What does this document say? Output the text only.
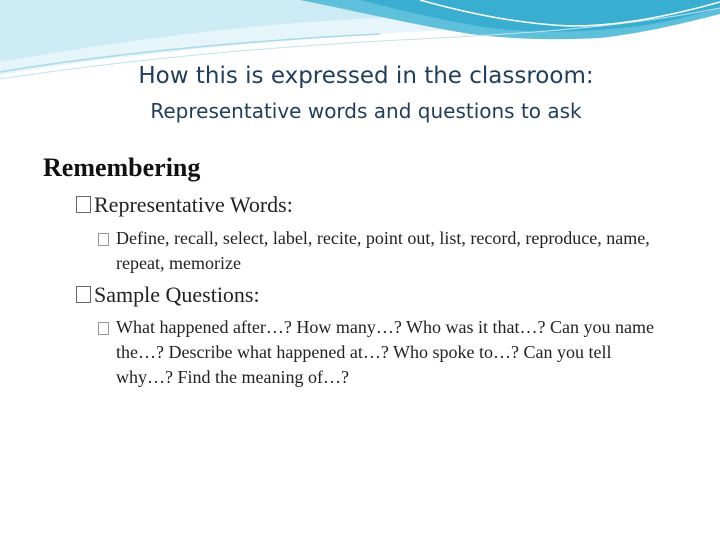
How this is expressed in the classroom:
Representative words and questions to ask
Remembering
Representative Words:
Define, recall, select, label, recite, point out, list, record, reproduce, name, repeat, memorize
Sample Questions:
What happened after…? How many…? Who was it that…? Can you name the…? Describe what happened at…? Who spoke to…? Can you tell why…? Find the meaning of…?
